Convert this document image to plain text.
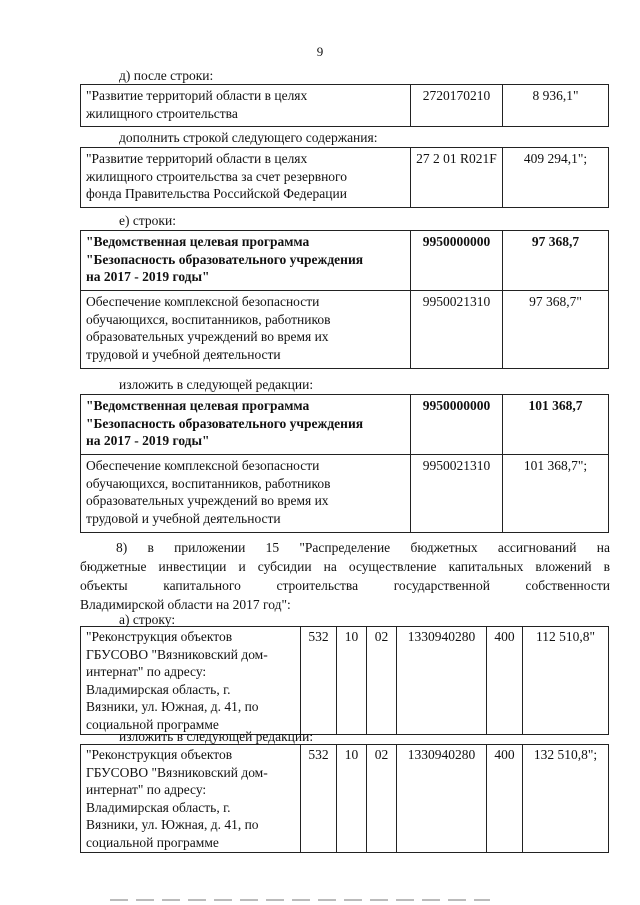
9
д) после строки:
"Развитие территорий области в целях
жилищного строительства
	2720170210	8 936,1"
дополнить строкой следующего содержания:
"Развитие территорий области в целях
жилищного строительства за счет резервного
фонда Правительства Российской Федерации
	27 2 01 R021F	409 294,1";
е) строки:
"Ведомственная целевая программа
"Безопасность образовательного учреждения
на 2017 - 2019 годы"	9950000000	97 368,7

Обеспечение комплексной безопасности
обучающихся, воспитанников, работников
образовательных учреждений во время их
трудовой и учебной деятельности	9950021310	97 368,7"
изложить в следующей редакции:
"Ведомственная целевая программа
"Безопасность образовательного учреждения
на 2017 - 2019 годы"	9950000000	101 368,7

Обеспечение комплексной безопасности
обучающихся, воспитанников, работников
образовательных учреждений во время их
трудовой и учебной деятельности	9950021310	101 368,7";
8) в приложении 15 "Распределение бюджетных ассигнований на
бюджетные инвестиции и субсидии на осуществление капитальных вложений в
объекты капитального строительства государственной собственности
Владимирской области на 2017 год":
а) строку:
"Реконструкция объектов
ГБУСОВО "Вязниковский дом-
интернат" по адресу:
Владимирская область, г.
Вязники, ул. Южная, д. 41, по
социальной программе
	532	10	02	1330940280	400	112 510,8"
изложить в следующей редакции:
"Реконструкция объектов
ГБУСОВО "Вязниковский дом-
интернат" по адресу:
Владимирская область, г.
Вязники, ул. Южная, д. 41, по
социальной программе
	532	10	02	1330940280	400	132 510,8";
